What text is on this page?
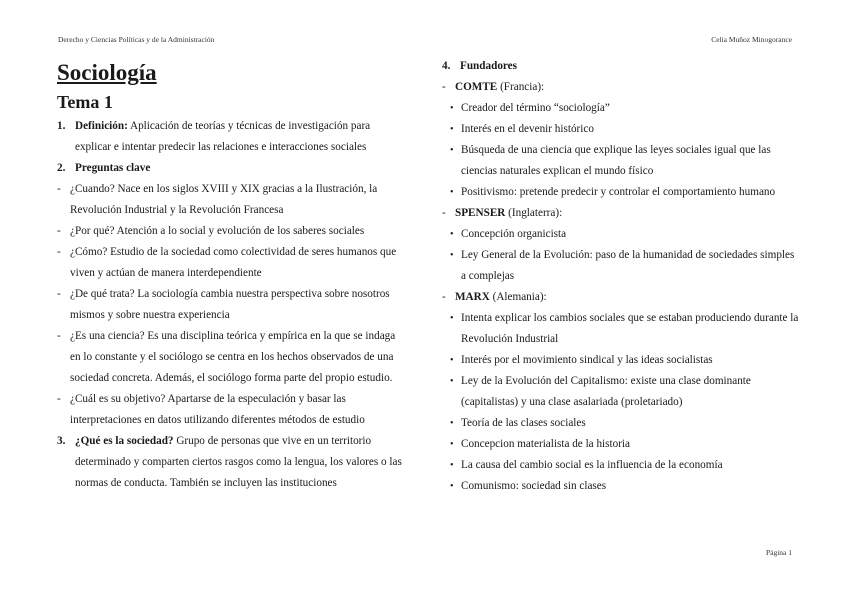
Derecho y Ciencias Políticas y de la Administración	Celia Muñoz Minogorance
Sociología
Tema 1
1. Definición: Aplicación de teorías y técnicas de investigación para explicar e intentar predecir las relaciones e interacciones sociales
2. Preguntas clave
- ¿Cuando? Nace en los siglos XVIII y XIX gracias a la Ilustración, la Revolución Industrial y la Revolución Francesa
- ¿Por qué? Atención a lo social y evolución de los saberes sociales
- ¿Cómo? Estudio de la sociedad como colectividad de seres humanos que viven y actúan de manera interdependiente
- ¿De qué trata? La sociología cambia nuestra perspectiva sobre nosotros mismos y sobre nuestra experiencia
- ¿Es una ciencia? Es una disciplina teórica y empírica en la que se indaga en lo constante y el sociólogo se centra en los hechos observados de una sociedad concreta. Además, el sociólogo forma parte del propio estudio.
- ¿Cuál es su objetivo? Apartarse de la especulación y basar las interpretaciones en datos utilizando diferentes métodos de estudio
3. ¿Qué es la sociedad? Grupo de personas que vive en un territorio determinado y comparten ciertos rasgos como la lengua, los valores o las normas de conducta. También se incluyen las instituciones
4. Fundadores
- COMTE (Francia):
• Creador del término “sociología”
• Interés en el devenir histórico
• Búsqueda de una ciencia que explique las leyes sociales igual que las ciencias naturales explican el mundo físico
• Positivismo: pretende predecir y controlar el comportamiento humano
- SPENSER (Inglaterra):
• Concepción organicista
• Ley General de la Evolución: paso de la humanidad de sociedades simples a complejas
- MARX (Alemania):
• Intenta explicar los cambios sociales que se estaban produciendo durante la Revolución Industrial
• Interés por el movimiento sindical y las ideas socialistas
• Ley de la Evolución del Capitalismo: existe una clase dominante (capitalistas) y una clase asalariada (proletariado)
• Teoría de las clases sociales
• Concepcion materialista de la historia
• La causa del cambio social es la influencia de la economía
• Comunismo: sociedad sin clases
Página 1
